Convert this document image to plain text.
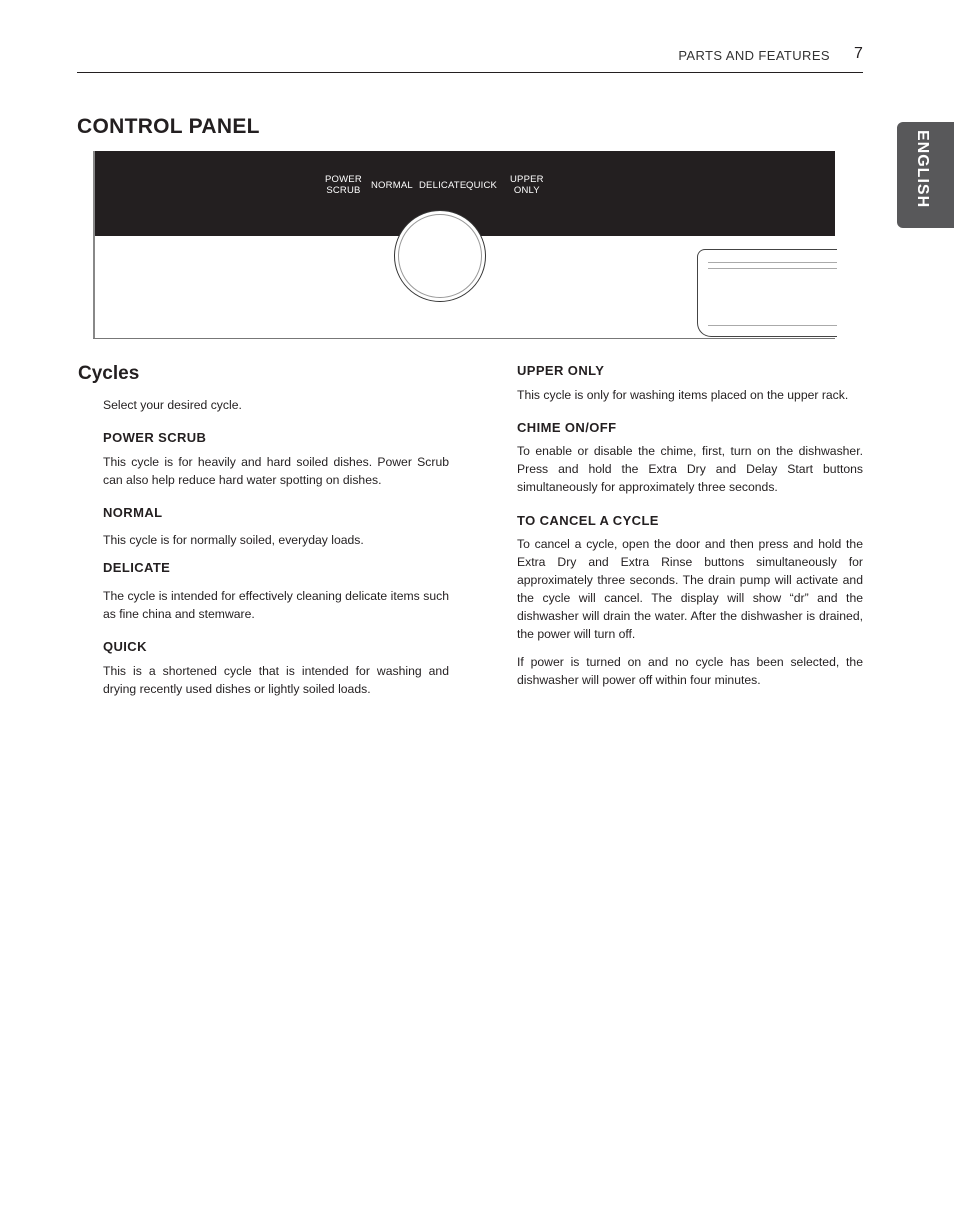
PARTS AND FEATURES 7
ENGLISH
CONTROL PANEL
POWER
SCRUB NORMAL DELICATE QUICK
UPPER
ONLY
Cycles

Select your desired cycle.

POWER SCRUB

This cycle is for heavily and hard soiled dishes. Power Scrub can also help reduce hard water spotting on dishes.

NORMAL

This cycle is for normally soiled, everyday loads.

DELICATE

The cycle is intended for effectively cleaning delicate items such as fine china and stemware.

QUICK

This is a shortened cycle that is intended for washing and drying recently used dishes or lightly soiled loads.

UPPER ONLY

This cycle is only for washing items placed on the upper rack.

CHIME ON/OFF

To enable or disable the chime, first, turn on the dishwasher. Press and hold the Extra Dry and Delay Start buttons simultaneously for approximately three seconds.

TO CANCEL A CYCLE

To cancel a cycle, open the door and then press and hold the Extra Dry and Extra Rinse buttons simultaneously for approximately three seconds. The drain pump will activate and the cycle will cancel. The display will show “dr” and the dishwasher will drain the water. After the dishwasher is drained, the power will turn off.

If power is turned on and no cycle has been selected, the dishwasher will power off within four minutes.
